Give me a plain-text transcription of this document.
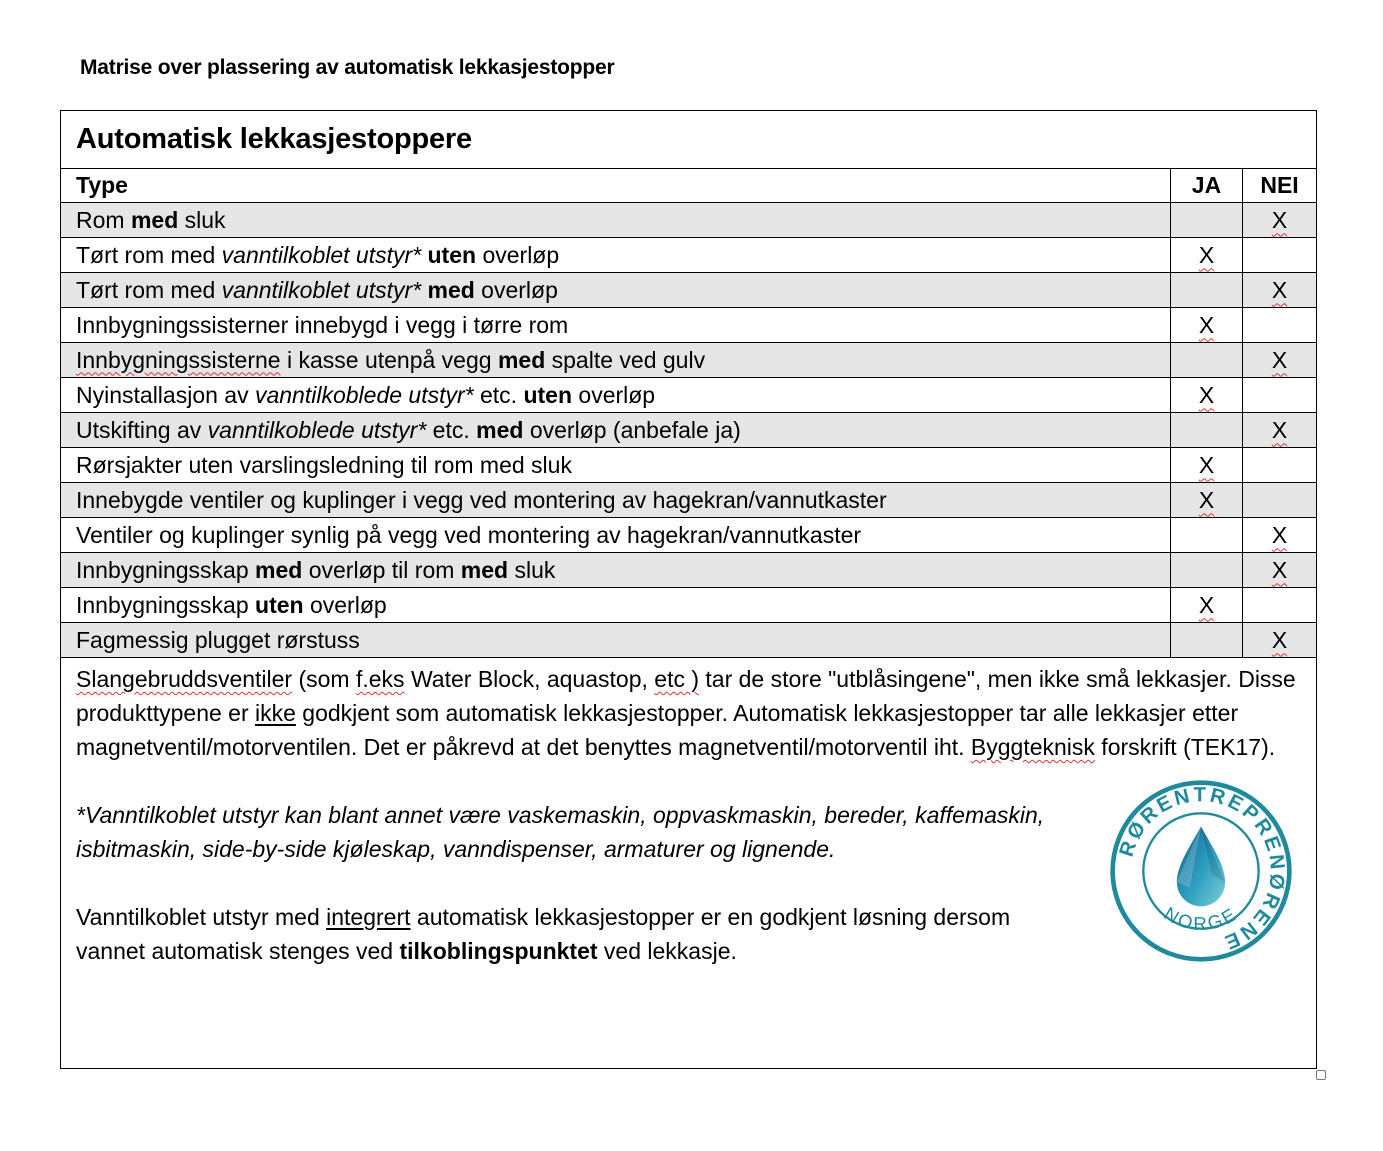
Matrise over plassering av automatisk lekkasjestopper
Automatisk lekkasjestoppere		
Type	JA	NEI
Rom med sluk		X
Tørt rom med vanntilkoblet utstyr* uten overløp	X	
Tørt rom med vanntilkoblet utstyr* med overløp		X
Innbygningssisterner innebygd i vegg i tørre rom	X	
Innbygningssisterne i kasse utenpå vegg med spalte ved gulv		X
Nyinstallasjon av vanntilkoblede utstyr* etc. uten overløp	X	
Utskifting av vanntilkoblede utstyr* etc. med overløp (anbefale ja)		X
Rørsjakter uten varslingsledning til rom med sluk	X	
Innebygde ventiler og kuplinger i vegg ved montering av hagekran/vannutkaster	X	
Ventiler og kuplinger synlig på vegg ved montering av hagekran/vannutkaster		X
Innbygningsskap med overløp til rom med sluk		X
Innbygningsskap uten overløp	X	
Fagmessig plugget rørstuss		X

Slangebruddsventiler (som f.eks Water Block, aquastop, etc ) tar de store "utblåsingene", men ikke små lekkasjer. Disse produkttypene er ikke godkjent som automatisk lekkasjestopper. Automatisk lekkasjestopper tar alle lekkasjer etter magnetventil/motorventilen. Det er påkrevd at det benyttes magnetventil/motorventil iht. Byggteknisk forskrift (TEK17).

*Vanntilkoblet utstyr kan blant annet være vaskemaskin, oppvaskmaskin, bereder, kaffemaskin, isbitmaskin, side-by-side kjøleskap, vanndispenser, armaturer og lignende.

Vanntilkoblet utstyr med integrert automatisk lekkasjestopper er en godkjent løsning dersom vannet automatisk stenges ved tilkoblingspunktet ved lekkasje.		

RØRENTREPRENØRENE
NORGE
